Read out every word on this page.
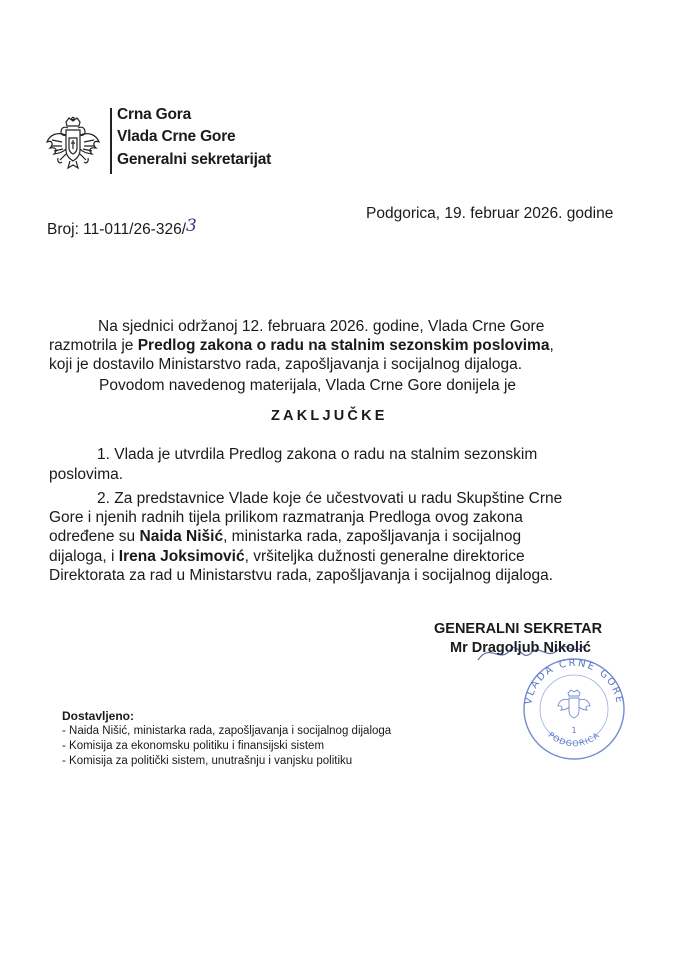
Crna Gora
Vlada Crne Gore
Generalni sekretarijat
Broj: 11-011/26-326/3
Podgorica, 19. februar 2026. godine
Na sjednici održanoj 12. februara 2026. godine, Vlada Crne Gore
razmotrila je Predlog zakona o radu na stalnim sezonskim poslovima,
koji je dostavilo Ministarstvo rada, zapošljavanja i socijalnog dijaloga.
Povodom navedenog materijala, Vlada Crne Gore donijela je
ZAKLJUČKE
1. Vlada je utvrdila Predlog zakona o radu na stalnim sezonskim
poslovima.
2. Za predstavnice Vlade koje će učestvovati u radu Skupštine Crne
Gore i njenih radnih tijela prilikom razmatranja Predloga ovog zakona
određene su Naida Nišić, ministarka rada, zapošljavanja i socijalnog
dijaloga, i Irena Joksimović, vršiteljka dužnosti generalne direktorice
Direktorata za rad u Ministarstvu rada, zapošljavanja i socijalnog dijaloga.
GENERALNI SEKRETAR
Mr Dragoljub Nikolić
VLADA CRNE GORE
PODGORICA
1
Dostavljeno:
- Naida Nišić, ministarka rada, zapošljavanja i socijalnog dijaloga
- Komisija za ekonomsku politiku i finansijski sistem
- Komisija za politički sistem, unutrašnju i vanjsku politiku
